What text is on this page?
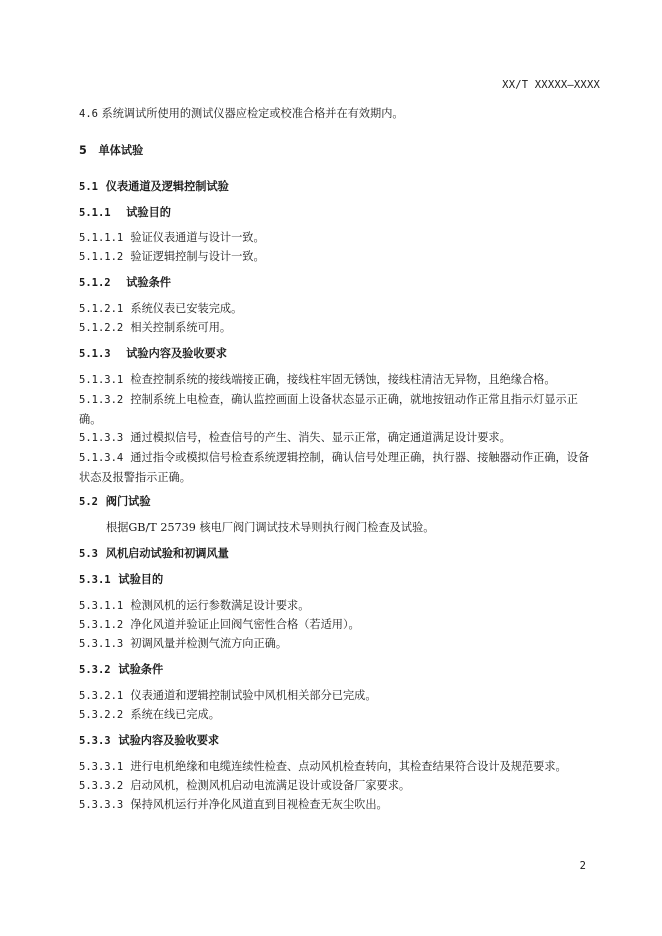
XX/T XXXXX—XXXX
4.6 系统调试所使用的测试仪器应检定或校准合格并在有效期内。
5 单体试验
5.1 仪表通道及逻辑控制试验
5.1.1 试验目的
5.1.1.1 验证仪表通道与设计一致。
5.1.1.2 验证逻辑控制与设计一致。
5.1.2 试验条件
5.1.2.1 系统仪表已安装完成。
5.1.2.2 相关控制系统可用。
5.1.3 试验内容及验收要求
5.1.3.1 检查控制系统的接线端接正确，接线柱牢固无锈蚀，接线柱清洁无异物，且绝缘合格。
5.1.3.2 控制系统上电检查，确认监控画面上设备状态显示正确，就地按钮动作正常且指示灯显示正确。
5.1.3.3 通过模拟信号，检查信号的产生、消失、显示正常，确定通道满足设计要求。
5.1.3.4 通过指令或模拟信号检查系统逻辑控制，确认信号处理正确，执行器、接触器动作正确，设备状态及报警指示正确。
5.2 阀门试验
根据GB/T 25739 核电厂阀门调试技术导则执行阀门检查及试验。
5.3 风机启动试验和初调风量
5.3.1 试验目的
5.3.1.1 检测风机的运行参数满足设计要求。
5.3.1.2 净化风道并验证止回阀气密性合格（若适用）。
5.3.1.3 初调风量并检测气流方向正确。
5.3.2 试验条件
5.3.2.1 仪表通道和逻辑控制试验中风机相关部分已完成。
5.3.2.2 系统在线已完成。
5.3.3 试验内容及验收要求
5.3.3.1 进行电机绝缘和电缆连续性检查、点动风机检查转向，其检查结果符合设计及规范要求。
5.3.3.2 启动风机，检测风机启动电流满足设计或设备厂家要求。
5.3.3.3 保持风机运行并净化风道直到目视检查无灰尘吹出。
2
